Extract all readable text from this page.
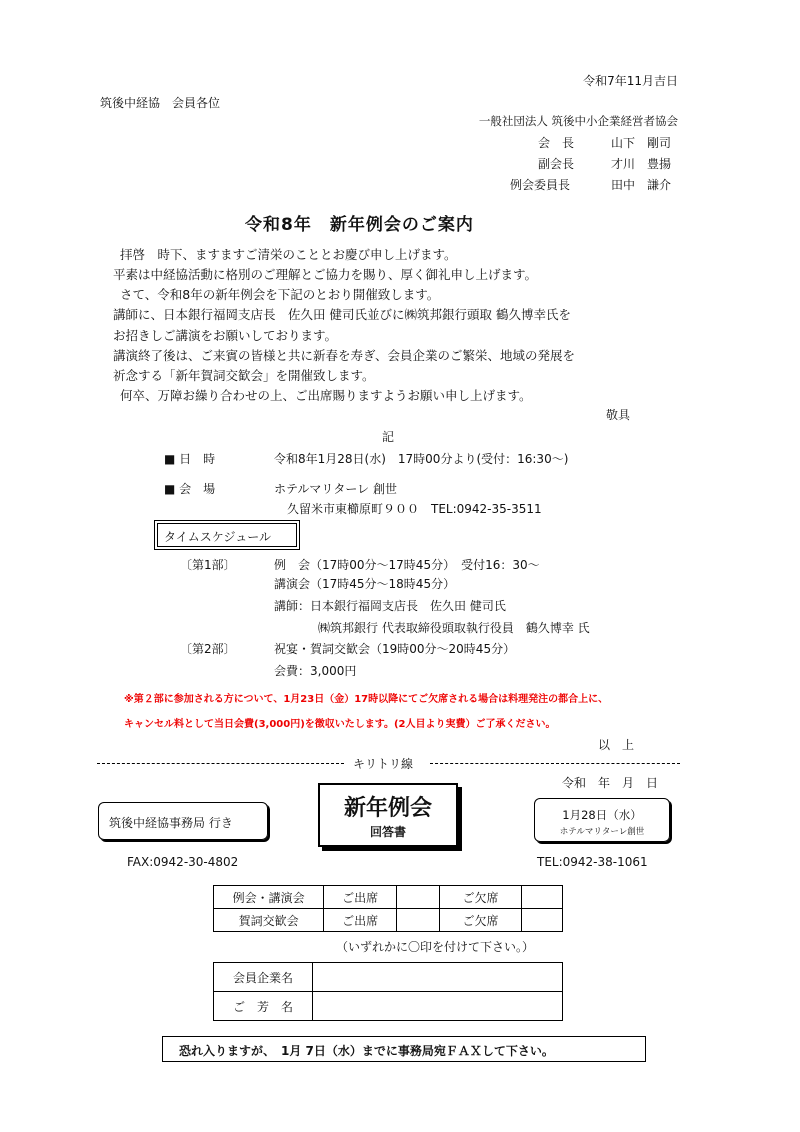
令和7年11月吉日
筑後中経協　会員各位
一般社団法人 筑後中小企業経営者協会
会　長	山下　剛司
副会長	才川　豊揚
例会委員長	田中　謙介
令和8年　新年例会のご案内
拝啓　時下、ますますご清栄のこととお慶び申し上げます。
平素は中経協活動に格別のご理解とご協力を賜り、厚く御礼申し上げます。
さて、令和8年の新年例会を下記のとおり開催致します。
講師に、日本銀行福岡支店長　佐久田 健司氏並びに㈱筑邦銀行頭取 鶴久博幸氏を
お招きしご講演をお願いしております。
講演終了後は、ご来賓の皆様と共に新春を寿ぎ、会員企業のご繁栄、地域の発展を
祈念する「新年賀詞交歓会」を開催致します。
何卒、万障お繰り合わせの上、ご出席賜りますようお願い申し上げます。
敬具
記
■ 日　時	令和8年1月28日(水)　17時00分より(受付：16:30～)
■ 会　場	ホテルマリターレ 創世
久留米市東櫛原町９００　TEL:0942-35-3511
タイムスケジュール
〔第1部〕	例　会（17時00分～17時45分）　受付16：30～
講演会（17時45分～18時45分）
講師：日本銀行福岡支店長　佐久田 健司氏
㈱筑邦銀行 代表取締役頭取執行役員　鶴久博幸 氏
〔第2部〕	祝宴・賀詞交歓会（19時00分～20時45分）
会費：3,000円
※第２部に参加される方について、1月23日（金）17時以降にてご欠席される場合は料理発注の都合上に、
キャンセル料として当日会費(3,000円)を徴収いたします。(2人目より実費）ご了承ください。
以　上
キリトリ線
令和　年　月　日
筑後中経協事務局 行き
新年例会
回答書
1月28日（水）
ホテルマリターレ創世
FAX:0942-30-4802	TEL:0942-38-1061
例会・講演会	ご出席		ご欠席	
賀詞交歓会	ご出席		ご欠席	
（いずれかに〇印を付けて下さい。）
会員企業名	
ご　芳　名	
恐れ入りますが、　1月 7日（水）までに事務局宛ＦＡＸして下さい。
